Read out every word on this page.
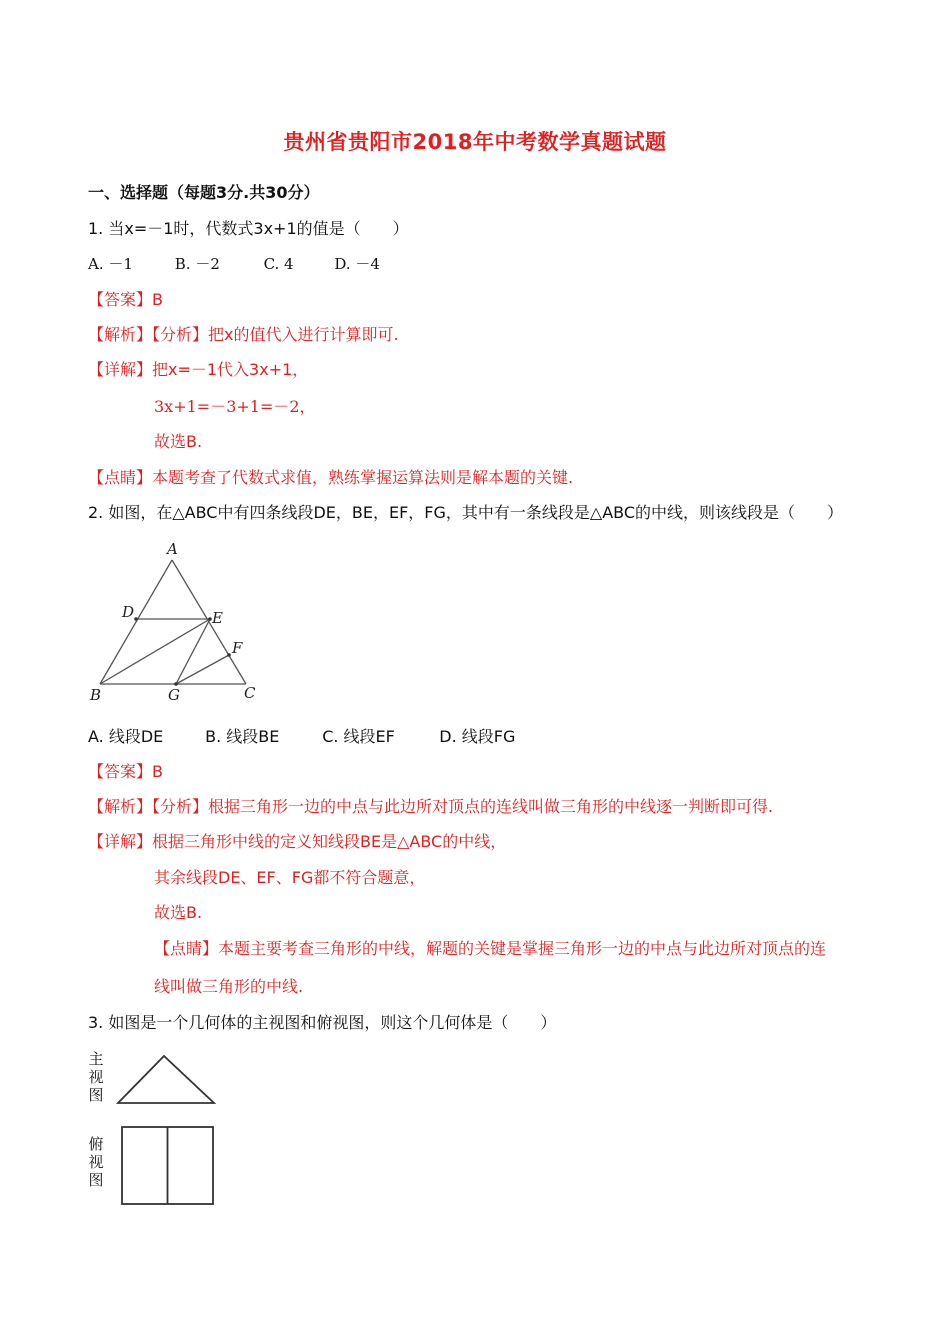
贵州省贵阳市2018年中考数学真题试题
一、选择题（每题3分.共30分）
1. 当x=－1时，代数式3x+1的值是（　　）
A. －1	B. －2	C. 4	D. －4
【答案】B
【解析】【分析】把x的值代入进行计算即可.
【详解】把x=－1代入3x+1，
3x+1=－3+1=－2，
故选B.
【点睛】本题考查了代数式求值，熟练掌握运算法则是解本题的关键.
2. 如图，在△ABC中有四条线段DE，BE，EF，FG，其中有一条线段是△ABC的中线，则该线段是（　　）
A
D	E
F
B	G	C
A. 线段DE	B. 线段BE	C. 线段EF	D. 线段FG
【答案】B
【解析】【分析】根据三角形一边的中点与此边所对顶点的连线叫做三角形的中线逐一判断即可得.
【详解】根据三角形中线的定义知线段BE是△ABC的中线，
其余线段DE、EF、FG都不符合题意，
故选B.
【点睛】本题主要考查三角形的中线，解题的关键是掌握三角形一边的中点与此边所对顶点的连
线叫做三角形的中线.
3. 如图是一个几何体的主视图和俯视图，则这个几何体是（　　）
主视图
俯视图
